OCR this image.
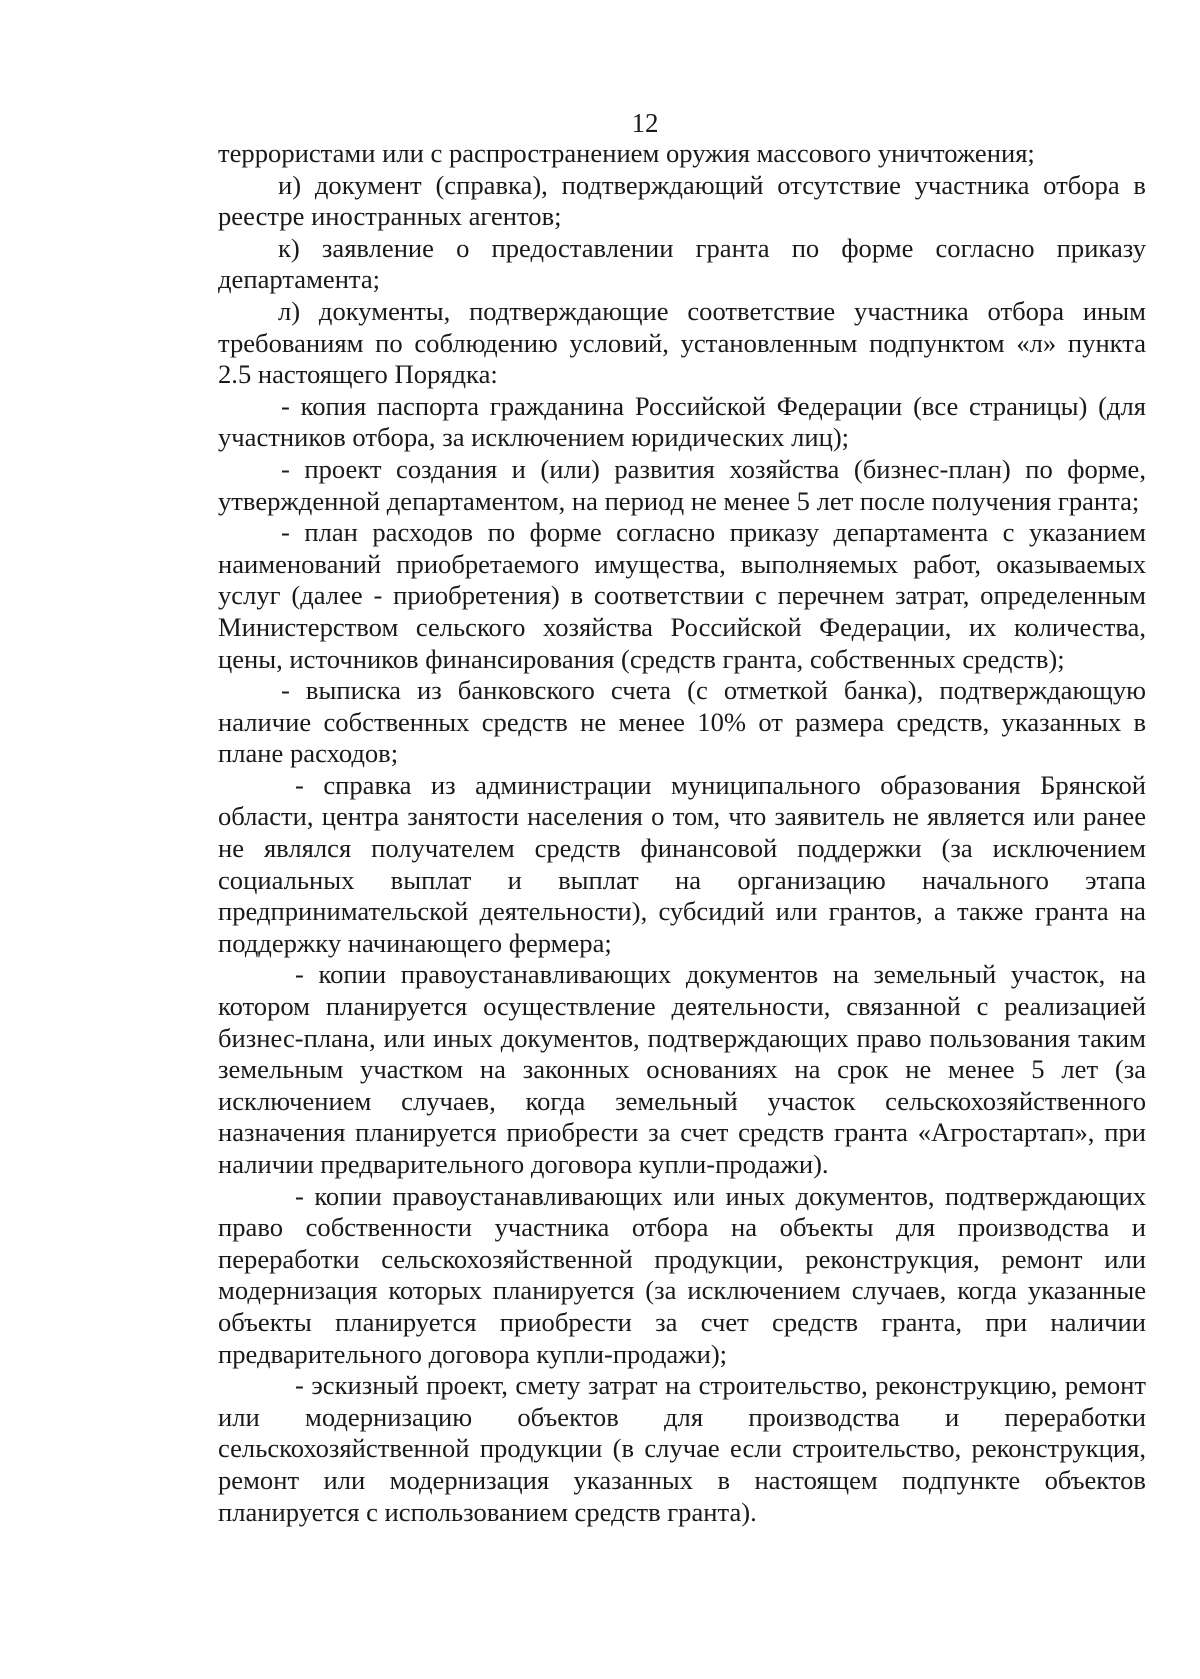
12

террористами или с распространением оружия массового уничтожения;

и) документ (справка), подтверждающий отсутствие участника отбора в реестре иностранных агентов;

к) заявление о предоставлении гранта по форме согласно приказу департамента;

л) документы, подтверждающие соответствие участника отбора иным требованиям по соблюдению условий, установленным подпунктом «л» пункта 2.5 настоящего Порядка:

- копия паспорта гражданина Российской Федерации (все страницы) (для участников отбора, за исключением юридических лиц);

- проект создания и (или) развития хозяйства (бизнес-план) по форме, утвержденной департаментом, на период не менее 5 лет после получения гранта;

- план расходов по форме согласно приказу департамента с указанием наименований приобретаемого имущества, выполняемых работ, оказываемых услуг (далее - приобретения) в соответствии с перечнем затрат, определенным Министерством сельского хозяйства Российской Федерации, их количества, цены, источников финансирования (средств гранта, собственных средств);

- выписка из банковского счета (с отметкой банка), подтверждающую наличие собственных средств не менее 10% от размера средств, указанных в плане расходов;

- справка из администрации муниципального образования Брянской области, центра занятости населения о том, что заявитель не является или ранее не являлся получателем средств финансовой поддержки (за исключением социальных выплат и выплат на организацию начального этапа предпринимательской деятельности), субсидий или грантов, а также гранта на поддержку начинающего фермера;

- копии правоустанавливающих документов на земельный участок, на котором планируется осуществление деятельности, связанной с реализацией бизнес-плана, или иных документов, подтверждающих право пользования таким земельным участком на законных основаниях на срок не менее 5 лет (за исключением случаев, когда земельный участок сельскохозяйственного назначения планируется приобрести за счет средств гранта «Агростартап», при наличии предварительного договора купли-продажи).

- копии правоустанавливающих или иных документов, подтверждающих право собственности участника отбора на объекты для производства и переработки сельскохозяйственной продукции, реконструкция, ремонт или модернизация которых планируется (за исключением случаев, когда указанные объекты планируется приобрести за счет средств гранта, при наличии предварительного договора купли-продажи);

- эскизный проект, смету затрат на строительство, реконструкцию, ремонт или модернизацию объектов для производства и переработки сельскохозяйственной продукции (в случае если строительство, реконструкция, ремонт или модернизация указанных в настоящем подпункте объектов планируется с использованием средств гранта).
